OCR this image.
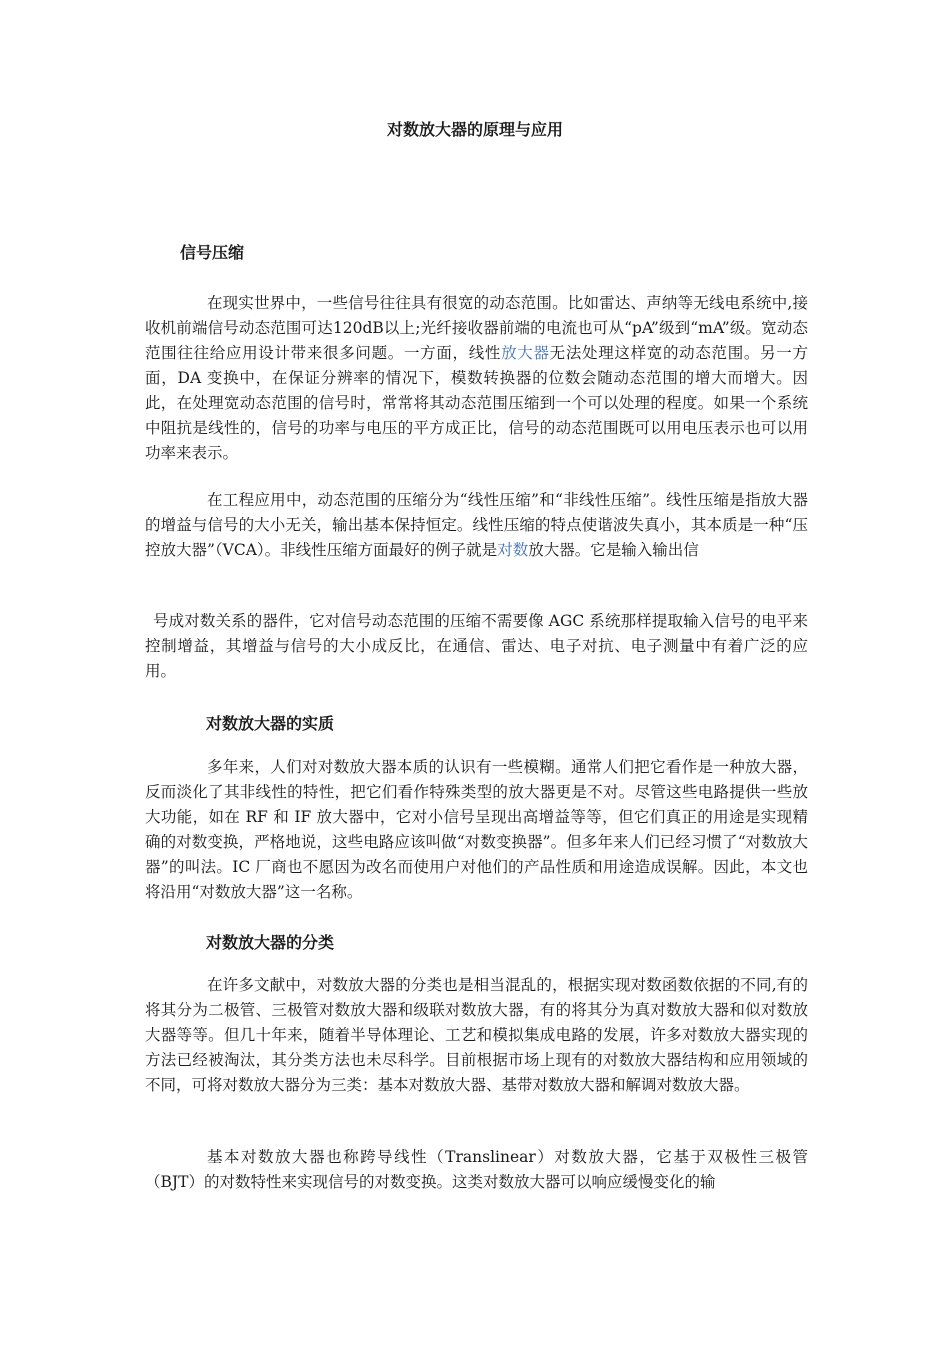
对数放大器的原理与应用
信号压缩

在现实世界中，一些信号往往具有很宽的动态范围。比如雷达、声纳等无线电系统中,接收机前端信号动态范围可达120dB以上;光纤接收器前端的电流也可从“pA”级到“mA”级。宽动态范围往往给应用设计带来很多问题。一方面，线性放大器无法处理这样宽的动态范围。另一方面，DA 变换中，在保证分辨率的情况下，模数转换器的位数会随动态范围的增大而增大。因此，在处理宽动态范围的信号时，常常将其动态范围压缩到一个可以处理的程度。如果一个系统中阻抗是线性的，信号的功率与电压的平方成正比，信号的动态范围既可以用电压表示也可以用功率来表示。

在工程应用中，动态范围的压缩分为“线性压缩”和“非线性压缩”。线性压缩是指放大器的增益与信号的大小无关，输出基本保持恒定。线性压缩的特点使谐波失真小，其本质是一种“压控放大器”（VCA）。非线性压缩方面最好的例子就是对数放大器。它是输入输出信

号成对数关系的器件，它对信号动态范围的压缩不需要像 AGC 系统那样提取输入信号的电平来控制增益，其增益与信号的大小成反比，在通信、雷达、电子对抗、电子测量中有着广泛的应用。

对数放大器的实质

多年来，人们对对数放大器本质的认识有一些模糊。通常人们把它看作是一种放大器，反而淡化了其非线性的特性，把它们看作特殊类型的放大器更是不对。尽管这些电路提供一些放大功能，如在 RF 和 IF 放大器中，它对小信号呈现出高增益等等，但它们真正的用途是实现精确的对数变换，严格地说，这些电路应该叫做“对数变换器”。但多年来人们已经习惯了“对数放大器”的叫法。IC 厂商也不愿因为改名而使用户对他们的产品性质和用途造成误解。因此，本文也将沿用“对数放大器”这一名称。

对数放大器的分类

在许多文献中，对数放大器的分类也是相当混乱的，根据实现对数函数依据的不同,有的将其分为二极管、三极管对数放大器和级联对数放大器，有的将其分为真对数放大器和似对数放大器等等。但几十年来，随着半导体理论、工艺和模拟集成电路的发展，许多对数放大器实现的方法已经被淘汰，其分类方法也未尽科学。目前根据市场上现有的对数放大器结构和应用领域的不同，可将对数放大器分为三类：基本对数放大器、基带对数放大器和解调对数放大器。

基本对数放大器也称跨导线性（Translinear）对数放大器，它基于双极性三极管（BJT）的对数特性来实现信号的对数变换。这类对数放大器可以响应缓慢变化的输
